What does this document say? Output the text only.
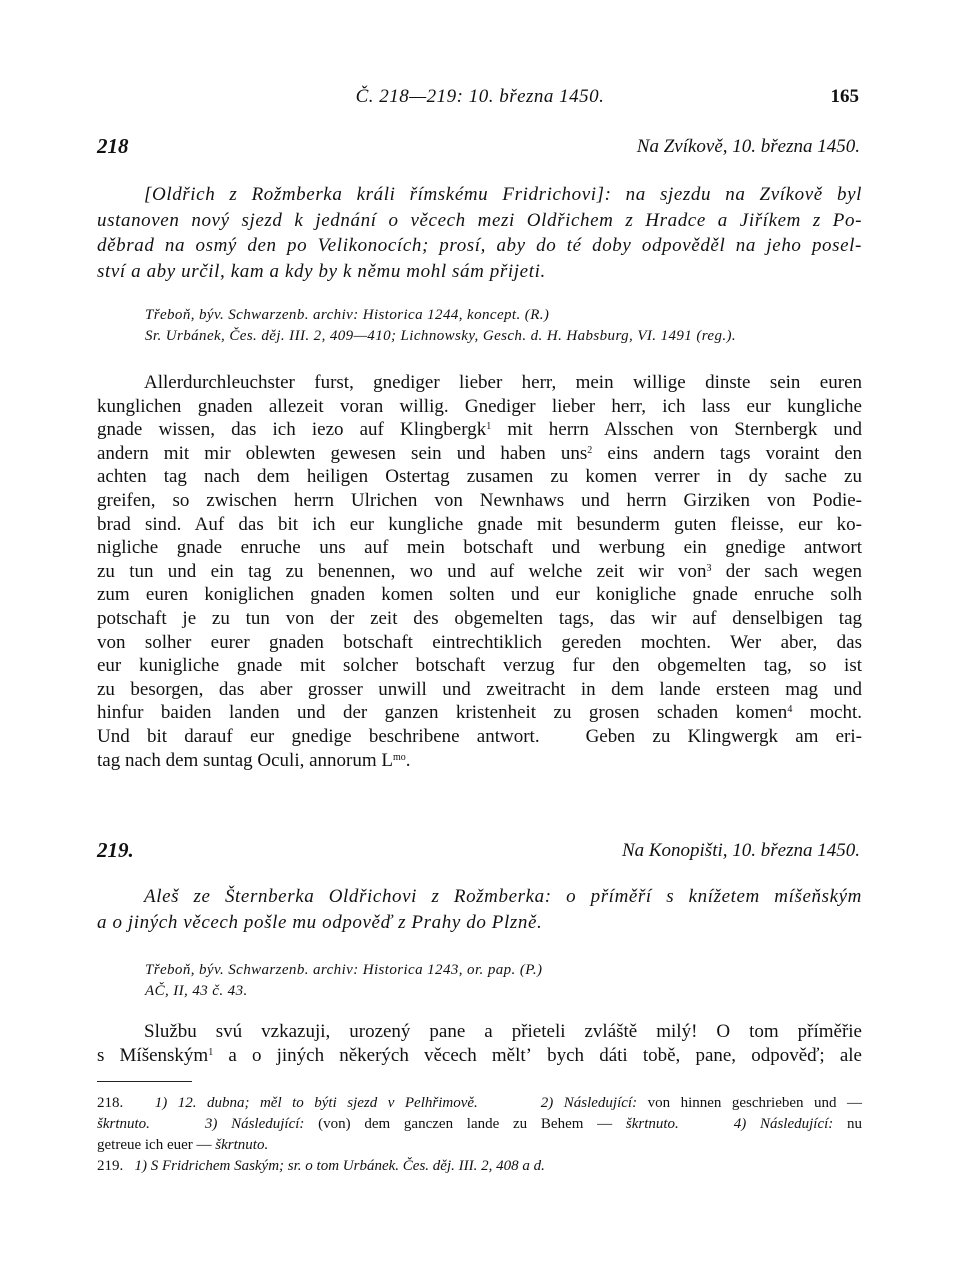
Č. 218—219: 10. března 1450.	165
218	Na Zvíkově, 10. března 1450.
[Oldřich z Rožmberka králi římskému Fridrichovi]: na sjezdu na Zvíkově byl
ustanoven nový sjezd k jednání o věcech mezi Oldřichem z Hradce a Jiříkem z Po-
děbrad na osmý den po Velikonocích; prosí, aby do té doby odpověděl na jeho posel-
ství a aby určil, kam a kdy by k němu mohl sám přijeti.
Třeboň, býv. Schwarzenb. archiv: Historica 1244, koncept. (R.)
Sr. Urbánek, Čes. děj. III. 2, 409—410; Lichnowsky, Gesch. d. H. Habsburg, VI. 1491 (reg.).
Allerdurchleuchster furst, gnediger lieber herr, mein willige dinste sein euren
kunglichen gnaden allezeit voran willig. Gnediger lieber herr, ich lass eur kungliche
gnade wissen, das ich iezo auf Klingbergk$^1$ mit herrn Alsschen von Sternbergk und
andern mit mir oblewten gewesen sein und haben uns$^2$ eins andern tags voraint den
achten tag nach dem heiligen Ostertag zusamen zu komen verrer in dy sache zu
greifen, so zwischen herrn Ulrichen von Newnhaws und herrn Girziken von Podie-
brad sind. Auf das bit ich eur kungliche gnade mit besunderm guten fleisse, eur ko-
nigliche gnade enruche uns auf mein botschaft und werbung ein gnedige antwort
zu tun und ein tag zu benennen, wo und auf welche zeit wir von$^3$ der sach wegen
zum euren koniglichen gnaden komen solten und eur konigliche gnade enruche solh
potschaft je zu tun von der zeit des obgemelten tags, das wir auf denselbigen tag
von solher eurer gnaden botschaft eintrechtiklich gereden mochten. Wer aber, das
eur kunigliche gnade mit solcher botschaft verzug fur den obgemelten tag, so ist
zu besorgen, das aber grosser unwill und zweitracht in dem lande ersteen mag und
hinfur baiden landen und der ganzen kristenheit zu grosen schaden komen$^4$ mocht.
Und bit darauf eur gnedige beschribene antwort. Geben zu Klingwergk am eri-
tag nach dem suntag Oculi, annorum $L^{mo}$.
219.	Na Konopišti, 10. března 1450.
Aleš ze Šternberka Oldřichovi z Rožmberka: o příměří s knížetem míšeňským
a o jiných věcech pošle mu odpověď z Prahy do Plzně.
Třeboň, býv. Schwarzenb. archiv: Historica 1243, or. pap. (P.)
AČ, II, 43 č. 43.
Službu svú vzkazuji, urozený pane a přieteli zvláště milý! O tom příměřie
s Míšenským$^1$ a o jiných někerých věcech měltʼ bych dáti tobě, pane, odpověď; ale
218. 1) 12. dubna; měl to býti sjezd v Pelhřimově.	2) Následující: von hinnen geschrieben und —
škrtnuto.	3) Následující: (von) dem ganczen lande zu Behem — škrtnuto.	4) Následující: nu
getreue ich euer — škrtnuto.
219. 1) S Fridrichem Saským; sr. o tom Urbánek. Čes. děj. III. 2, 408 a d.
